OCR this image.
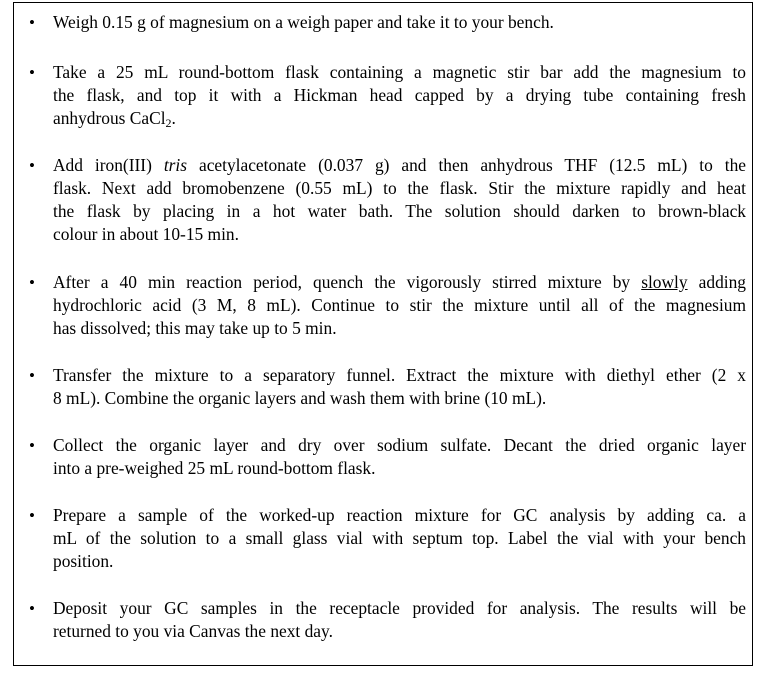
•	Weigh 0.15 g of magnesium on a weigh paper and take it to your bench.
•	Take a 25 mL round-bottom flask containing a magnetic stir bar add the magnesium to
the flask, and top it with a Hickman head capped by a drying tube containing fresh
anhydrous CaCl$_2$.
•	Add iron(III) tris acetylacetonate (0.037 g) and then anhydrous THF (12.5 mL) to the
flask. Next add bromobenzene (0.55 mL) to the flask. Stir the mixture rapidly and heat
the flask by placing in a hot water bath. The solution should darken to brown-black
colour in about 10-15 min.
•	After a 40 min reaction period, quench the vigorously stirred mixture by slowly adding
hydrochloric acid (3 M, 8 mL). Continue to stir the mixture until all of the magnesium
has dissolved; this may take up to 5 min.
•	Transfer the mixture to a separatory funnel. Extract the mixture with diethyl ether (2 x
8 mL). Combine the organic layers and wash them with brine (10 mL).
•	Collect the organic layer and dry over sodium sulfate. Decant the dried organic layer
into a pre-weighed 25 mL round-bottom flask.
•	Prepare a sample of the worked-up reaction mixture for GC analysis by adding ca. a
mL of the solution to a small glass vial with septum top. Label the vial with your bench
position.
•	Deposit your GC samples in the receptacle provided for analysis. The results will be
returned to you via Canvas the next day.
